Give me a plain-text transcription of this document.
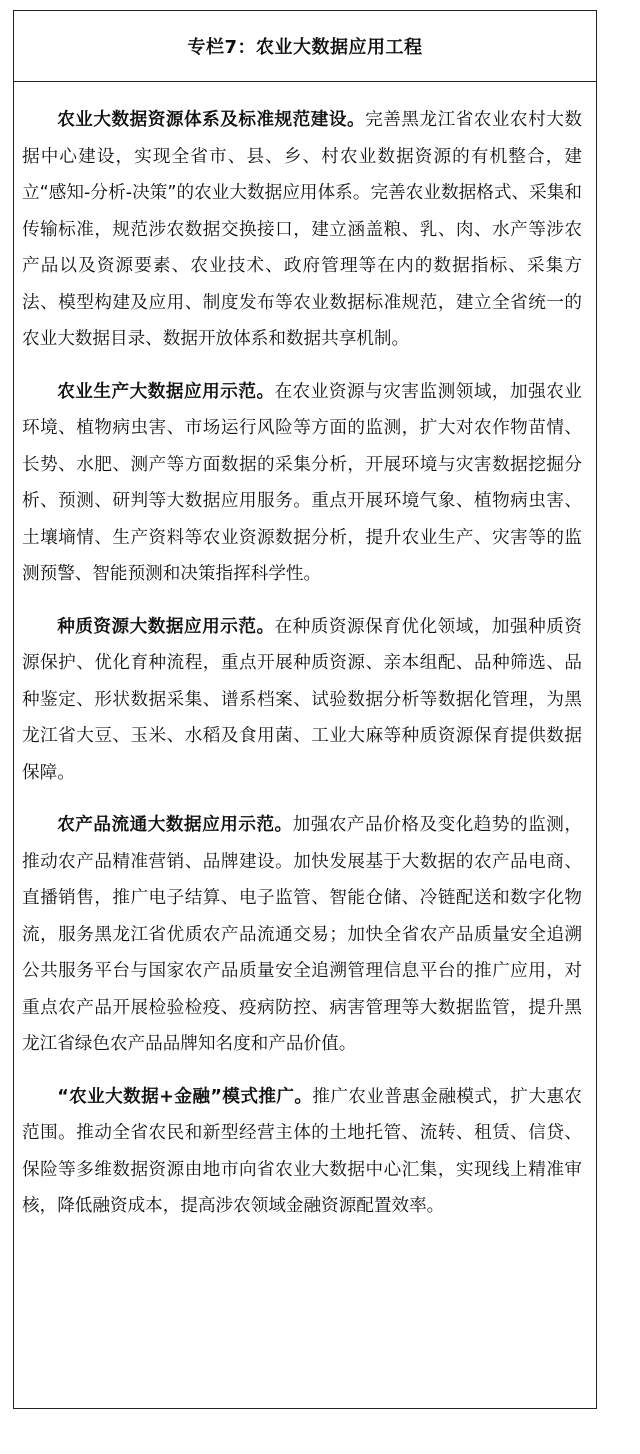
专栏7：农业大数据应用工程

农业大数据资源体系及标准规范建设。完善黑龙江省农业农村大数据中心建设，实现全省市、县、乡、村农业数据资源的有机整合，建立“感知-分析-决策”的农业大数据应用体系。完善农业数据格式、采集和传输标准，规范涉农数据交换接口，建立涵盖粮、乳、肉、水产等涉农产品以及资源要素、农业技术、政府管理等在内的数据指标、采集方法、模型构建及应用、制度发布等农业数据标准规范，建立全省统一的农业大数据目录、数据开放体系和数据共享机制。

农业生产大数据应用示范。在农业资源与灾害监测领域，加强农业环境、植物病虫害、市场运行风险等方面的监测，扩大对农作物苗情、长势、水肥、测产等方面数据的采集分析，开展环境与灾害数据挖掘分析、预测、研判等大数据应用服务。重点开展环境气象、植物病虫害、土壤墒情、生产资料等农业资源数据分析，提升农业生产、灾害等的监测预警、智能预测和决策指挥科学性。

种质资源大数据应用示范。在种质资源保育优化领域，加强种质资源保护、优化育种流程，重点开展种质资源、亲本组配、品种筛选、品种鉴定、形状数据采集、谱系档案、试验数据分析等数据化管理，为黑龙江省大豆、玉米、水稻及食用菌、工业大麻等种质资源保育提供数据保障。

农产品流通大数据应用示范。加强农产品价格及变化趋势的监测，推动农产品精准营销、品牌建设。加快发展基于大数据的农产品电商、直播销售，推广电子结算、电子监管、智能仓储、冷链配送和数字化物流，服务黑龙江省优质农产品流通交易；加快全省农产品质量安全追溯公共服务平台与国家农产品质量安全追溯管理信息平台的推广应用，对重点农产品开展检验检疫、疫病防控、病害管理等大数据监管，提升黑龙江省绿色农产品品牌知名度和产品价值。

“农业大数据+金融”模式推广。推广农业普惠金融模式，扩大惠农范围。推动全省农民和新型经营主体的土地托管、流转、租赁、信贷、保险等多维数据资源由地市向省农业大数据中心汇集，实现线上精准审核，降低融资成本，提高涉农领域金融资源配置效率。
